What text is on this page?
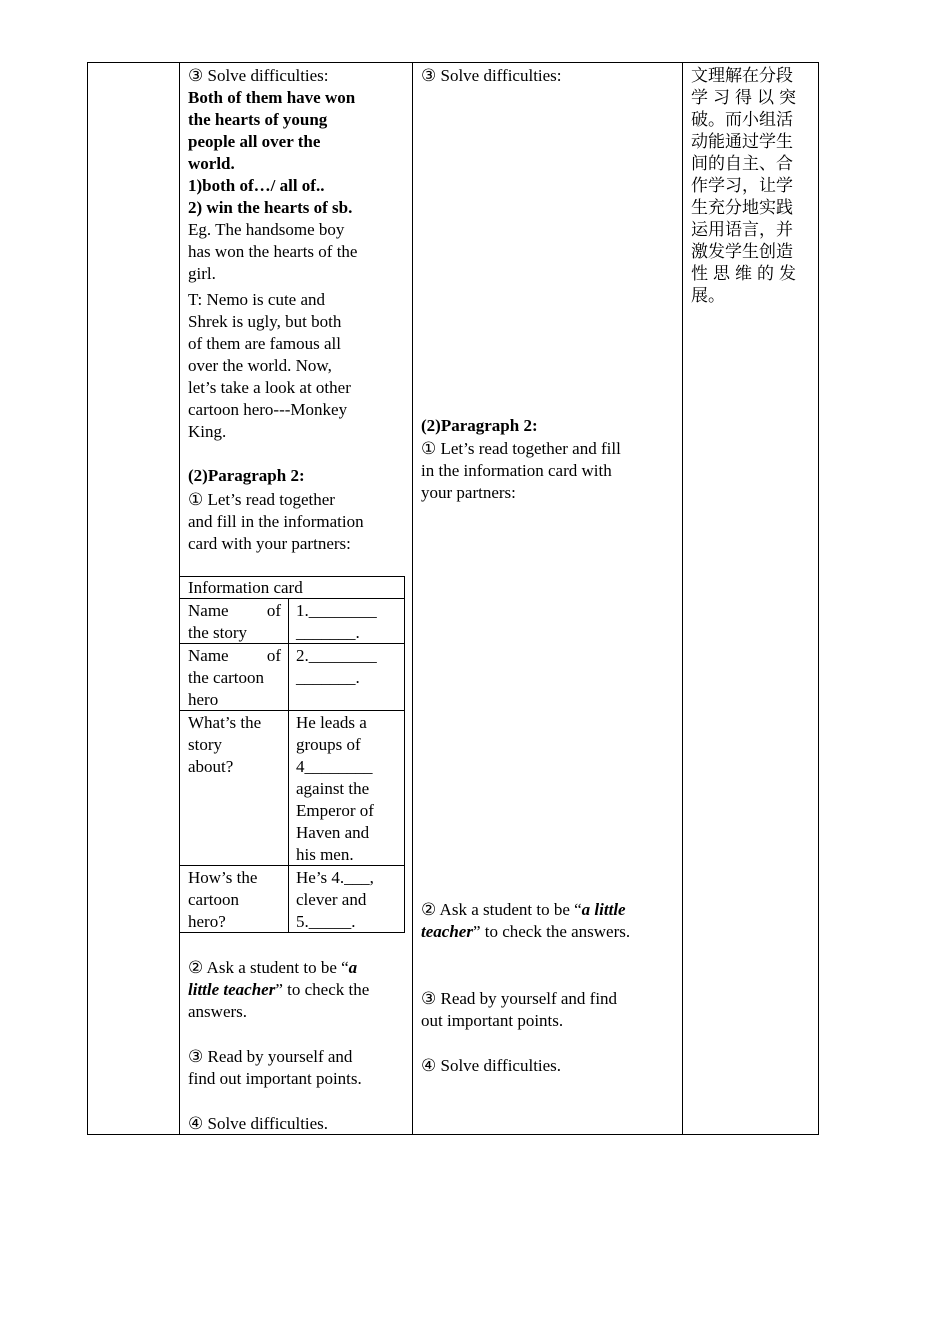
③ Solve difficulties:
Both of them have won
the hearts of young
people all over the
world.
1)both of…/ all of..
2) win the hearts of sb.
Eg. The handsome boy
has won the hearts of the
girl.
T: Nemo is cute and
Shrek is ugly, but both
of them are famous all
over the world. Now,
let’s take a look at other
cartoon hero---Monkey
King.
(2)Paragraph 2:
① Let’s read together
and fill in the information
card with your partners:
Information card
Name of
the story
1.________
_______.
Name of
the cartoon
hero
2.________
_______.
What’s the
story
about?
He leads a
groups of
4________
against the
Emperor of
Haven and
his men.
How’s the
cartoon
hero?
He’s 4.___,
clever and
5._____.
② Ask a student to be “a
little teacher” to check the
answers.
③ Read by yourself and
find out important points.
④ Solve difficulties.
③ Solve difficulties:
(2)Paragraph 2:
① Let’s read together and fill
in the information card with
your partners:
② Ask a student to be “a little
teacher” to check the answers.
③ Read by yourself and find
out important points.
④ Solve difficulties.
文理解在分段
学习得以突
破。而小组活
动能通过学生
间的自主、合
作学习，让学
生充分地实践
运用语言，并
激发学生创造
性思维的发
展。
